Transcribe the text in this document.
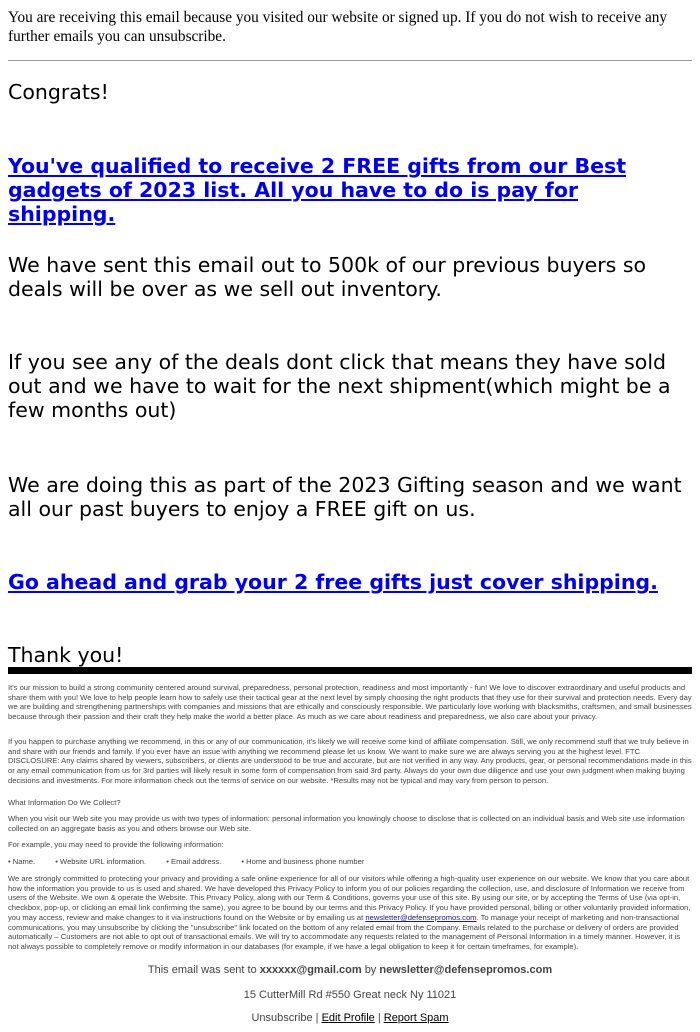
You are receiving this email because you visited our website or signed up. If you do not wish to receive any further emails you can unsubscribe.
Congrats!
You've qualified to receive 2 FREE gifts from our Best gadgets of 2023 list. All you have to do is pay for shipping.
We have sent this email out to 500k of our previous buyers so deals will be over as we sell out inventory.
If you see any of the deals dont click that means they have sold out and we have to wait for the next shipment(which might be a few months out)
We are doing this as part of the 2023 Gifting season and we want all our past buyers to enjoy a FREE gift on us.
Go ahead and grab your 2 free gifts just cover shipping.
Thank you!
It's our mission to build a strong community centered around survival, preparedness, personal protection, readiness and most importantly - fun! We love to discover extraordinary and useful products and share them with you! We love to help people learn how to safely use their tactical gear at the next level by simply choosing the right products that they use for their survival and protection needs. Every day we are building and strengthening partnerships with companies and missions that are ethically and consciously responsible. We particularly love working with blacksmiths, craftsmen, and small businesses because through their passion and their craft they help make the world a better place. As much as we care about readiness and preparedness, we also care about your privacy.
If you happen to purchase anything we recommend, in this or any of our communication, it's likely we will receive some kind of affiliate compensation. Still, we only recommend stuff that we truly believe in and share with our friends and family. If you ever have an issue with anything we recommend please let us know. We want to make sure we are always serving you at the highest level. FTC DISCLOSURE: Any claims shared by viewers, subscribers, or clients are understood to be true and accurate, but are not verified in any way. Any products, gear, or personal recommendations made in this or any email communication from us for 3rd parties will likely result in some form of compensation from said 3rd party. Always do your own due diligence and use your own judgment when making buying decisions and investments. For more information check out the terms of service on our website. *Results may not be typical and may vary from person to person.
What Information Do We Collect?
When you visit our Web site you may provide us with two types of information: personal information you knowingly choose to disclose that is collected on an individual basis and Web site use information collected on an aggregate basis as you and others browse our Web site.
For example, you may need to provide the following information:
• Name.	• Website URL information.	• Email address.	• Home and business phone number
We are strongly committed to protecting your privacy and providing a safe online experience for all of our visitors while offering a high-quality user experience on our website. We know that you care about how the information you provide to us is used and shared. We have developed this Privacy Policy to inform you of our policies regarding the collection, use, and disclosure of Information we receive from users of the Website. We own & operate the Website. This Privacy Policy, along with our Term & Conditions, governs your use of this site. By using our site, or by accepting the Terms of Use (via opt-in, checkbox, pop-up, or clicking an email link confirming the same), you agree to be bound by our terms and this Privacy Policy. If you have provided personal, billing or other voluntarily provided information, you may access, review and make changes to it via instructions found on the Website or by emailing us at newsletter@defensepromos.com. To manage your receipt of marketing and non-transactional communications, you may unsubscribe by clicking the "unsubscribe" link located on the bottom of any related email from the Company. Emails related to the purchase or delivery of orders are provided automatically – Customers are not able to opt out of transactional emails. We will try to accommodate any requests related to the management of Personal Information in a timely manner. However, it is not always possible to completely remove or modify information in our databases (for example, if we have a legal obligation to keep it for certain timeframes, for example).
This email was sent to xxxxxx@gmail.com by newsletter@defensepromos.com
15 CutterMill Rd #550 Great neck Ny 11021
Unsubscribe | Edit Profile | Report Spam
